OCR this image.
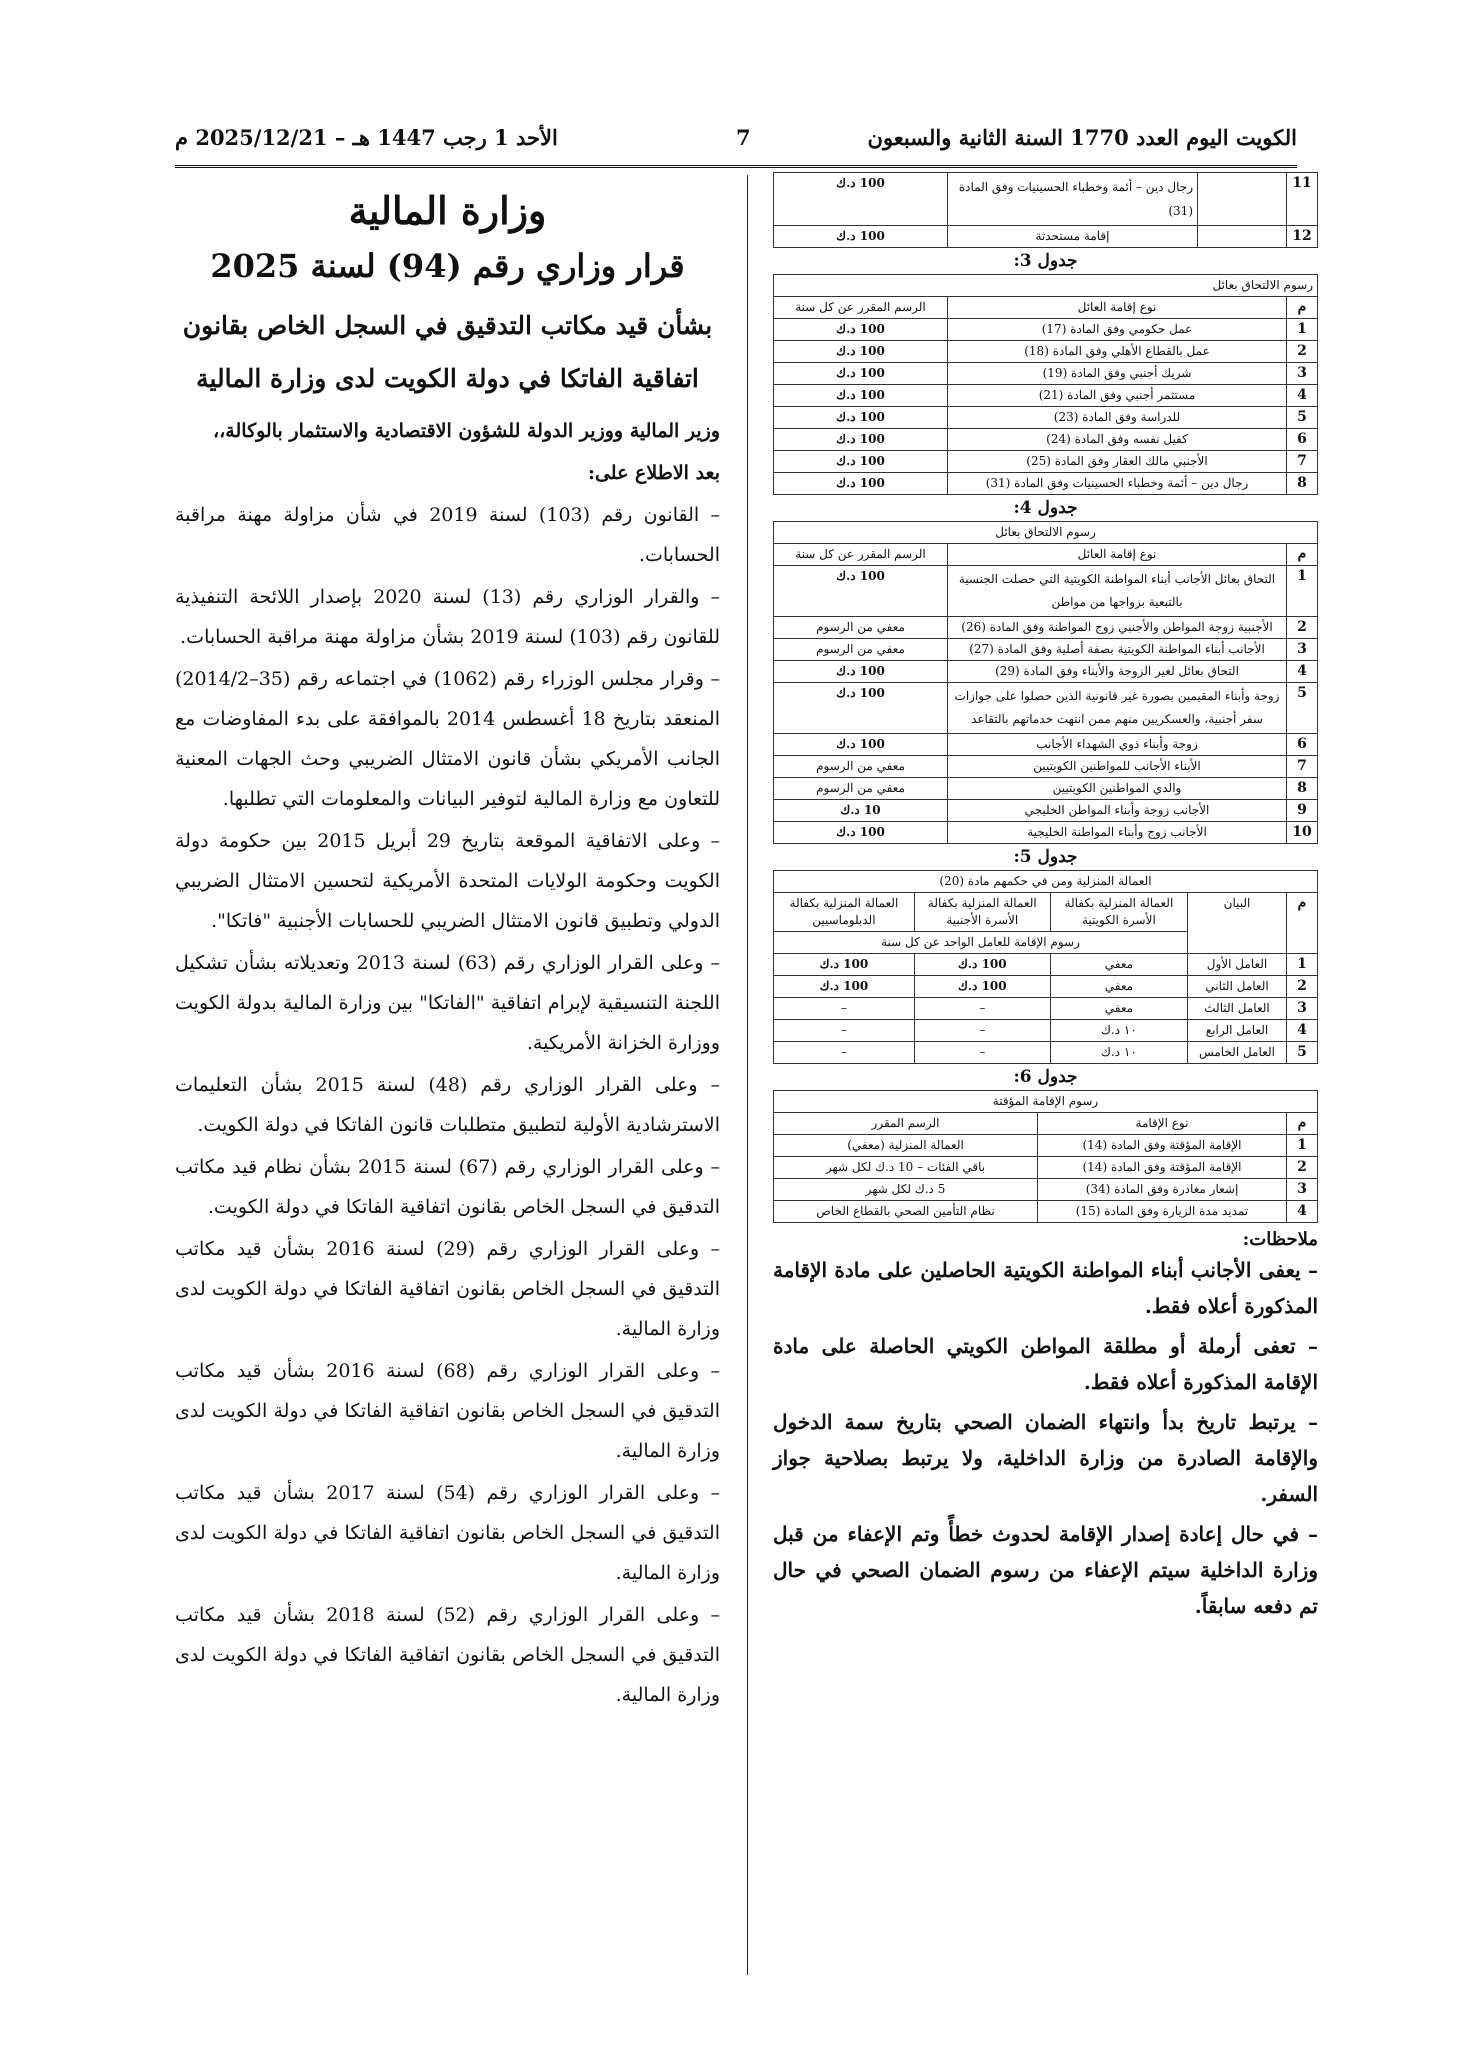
الكويت اليوم العدد 1770 السنة الثانية والسبعون
7
الأحد 1 رجب 1447 هـ – 2025/12/21 م
11		رجال دين – أئمة وخطباء الحسينيات وفق المادة (31)	100 د.ك
12		إقامة مستحدثة	100 د.ك
جدول 3:
رسوم الالتحاق بعائل		
م	نوع إقامة العائل	الرسم المقرر عن كل سنة
1	عمل حكومي وفق المادة (17)	100 د.ك
2	عمل بالقطاع الأهلي وفق المادة (18)	100 د.ك
3	شريك أجنبي وفق المادة (19)	100 د.ك
4	مستثمر أجنبي وفق المادة (21)	100 د.ك
5	للدراسة وفق المادة (23)	100 د.ك
6	كفيل نفسه وفق المادة (24)	100 د.ك
7	الأجنبي مالك العقار وفق المادة (25)	100 د.ك
8	رجال دين – أئمة وخطباء الحسينيات وفق المادة (31)	100 د.ك
جدول 4:
رسوم الالتحاق بعائل		
م	نوع إقامة العائل	الرسم المقرر عن كل سنة
1	التحاق بعائل الأجانب أبناء المواطنة الكويتية التي حصلت الجنسية بالتبعية بزواجها من مواطن	100 د.ك
2	الأجنبية زوجة المواطن والأجنبي زوج المواطنة وفق المادة (26)	معفي من الرسوم
3	الأجانب أبناء المواطنة الكويتية بصفة أصلية وفق المادة (27)	معفي من الرسوم
4	التحاق بعائل لغير الزوجة والأبناء وفق المادة (29)	100 د.ك
5	زوجة وأبناء المقيمين بصورة غير قانونية الذين حصلوا على جوازات سفر أجنبية، والعسكريين منهم ممن انتهت خدماتهم بالتقاعد	100 د.ك
6	زوجة وأبناء ذوي الشهداء الأجانب	100 د.ك
7	الأبناء الأجانب للمواطنين الكويتيين	معفي من الرسوم
8	والدي المواطنين الكويتيين	معفي من الرسوم
9	الأجانب زوجة وأبناء المواطن الخليجي	10 د.ك
10	الأجانب زوج وأبناء المواطنة الخليجية	100 د.ك
جدول 5:
العمالة المنزلية ومن في حكمهم مادة (20)				
م	البيان	العمالة المنزلية بكفالة الأسرة الكويتية	العمالة المنزلية بكفالة الأسرة الأجنبية	العمالة المنزلية بكفالة الدبلوماسيين
		رسوم الإقامة للعامل الواحد عن كل سنة		
1	العامل الأول	معفي	100 د.ك	100 د.ك
2	العامل الثاني	معفي	100 د.ك	100 د.ك
3	العامل الثالث	معفي	–	–
4	العامل الرابع	١٠ د.ك	–	–
5	العامل الخامس	١٠ د.ك	–	–
جدول 6:
رسوم الإقامة المؤقتة		
م	نوع الإقامة	الرسم المقرر
1	الإقامة المؤقتة وفق المادة (14)	العمالة المنزلية (معفي)
2	الإقامة المؤقتة وفق المادة (14)	باقي الفئات – 10 د.ك لكل شهر
3	إشعار مغادرة وفق المادة (34)	5 د.ك لكل شهر
4	تمديد مدة الزيارة وفق المادة (15)	نظام التأمين الصحي بالقطاع الخاص
ملاحظات:

– يعفى الأجانب أبناء المواطنة الكويتية الحاصلين على مادة الإقامة المذكورة أعلاه فقط.

– تعفى أرملة أو مطلقة المواطن الكويتي الحاصلة على مادة الإقامة المذكورة أعلاه فقط.

– يرتبط تاريخ بدأ وانتهاء الضمان الصحي بتاريخ سمة الدخول والإقامة الصادرة من وزارة الداخلية، ولا يرتبط بصلاحية جواز السفر.

– في حال إعادة إصدار الإقامة لحدوث خطأً وتم الإعفاء من قبل وزارة الداخلية سيتم الإعفاء من رسوم الضمان الصحي في حال تم دفعه سابقاً.

وزارة المالية
قرار وزاري رقم (94) لسنة 2025
بشأن قيد مكاتب التدقيق في السجل الخاص بقانون اتفاقية الفاتكا في دولة الكويت لدى وزارة المالية

وزير المالية ووزير الدولة للشؤون الاقتصادية والاستثمار بالوكالة،،

بعد الاطلاع على:

– القانون رقم (103) لسنة 2019 في شأن مزاولة مهنة مراقبة الحسابات.

– والقرار الوزاري رقم (13) لسنة 2020 بإصدار اللائحة التنفيذية للقانون رقم (103) لسنة 2019 بشأن مزاولة مهنة مراقبة الحسابات.

– وقرار مجلس الوزراء رقم (1062) في اجتماعه رقم (35–2014/2) المنعقد بتاريخ 18 أغسطس 2014 بالموافقة على بدء المفاوضات مع الجانب الأمريكي بشأن قانون الامتثال الضريبي وحث الجهات المعنية للتعاون مع وزارة المالية لتوفير البيانات والمعلومات التي تطلبها.

– وعلى الاتفاقية الموقعة بتاريخ 29 أبريل 2015 بين حكومة دولة الكويت وحكومة الولايات المتحدة الأمريكية لتحسين الامتثال الضريبي الدولي وتطبيق قانون الامتثال الضريبي للحسابات الأجنبية "فاتكا".

– وعلى القرار الوزاري رقم (63) لسنة 2013 وتعديلاته بشأن تشكيل اللجنة التنسيقية لإبرام اتفاقية "الفاتكا" بين وزارة المالية بدولة الكويت ووزارة الخزانة الأمريكية.

– وعلى القرار الوزاري رقم (48) لسنة 2015 بشأن التعليمات الاسترشادية الأولية لتطبيق متطلبات قانون الفاتكا في دولة الكويت.

– وعلى القرار الوزاري رقم (67) لسنة 2015 بشأن نظام قيد مكاتب التدقيق في السجل الخاص بقانون اتفاقية الفاتكا في دولة الكويت.

– وعلى القرار الوزاري رقم (29) لسنة 2016 بشأن قيد مكاتب التدقيق في السجل الخاص بقانون اتفاقية الفاتكا في دولة الكويت لدى وزارة المالية.

– وعلى القرار الوزاري رقم (68) لسنة 2016 بشأن قيد مكاتب التدقيق في السجل الخاص بقانون اتفاقية الفاتكا في دولة الكويت لدى وزارة المالية.

– وعلى القرار الوزاري رقم (54) لسنة 2017 بشأن قيد مكاتب التدقيق في السجل الخاص بقانون اتفاقية الفاتكا في دولة الكويت لدى وزارة المالية.

– وعلى القرار الوزاري رقم (52) لسنة 2018 بشأن قيد مكاتب التدقيق في السجل الخاص بقانون اتفاقية الفاتكا في دولة الكويت لدى وزارة المالية.
